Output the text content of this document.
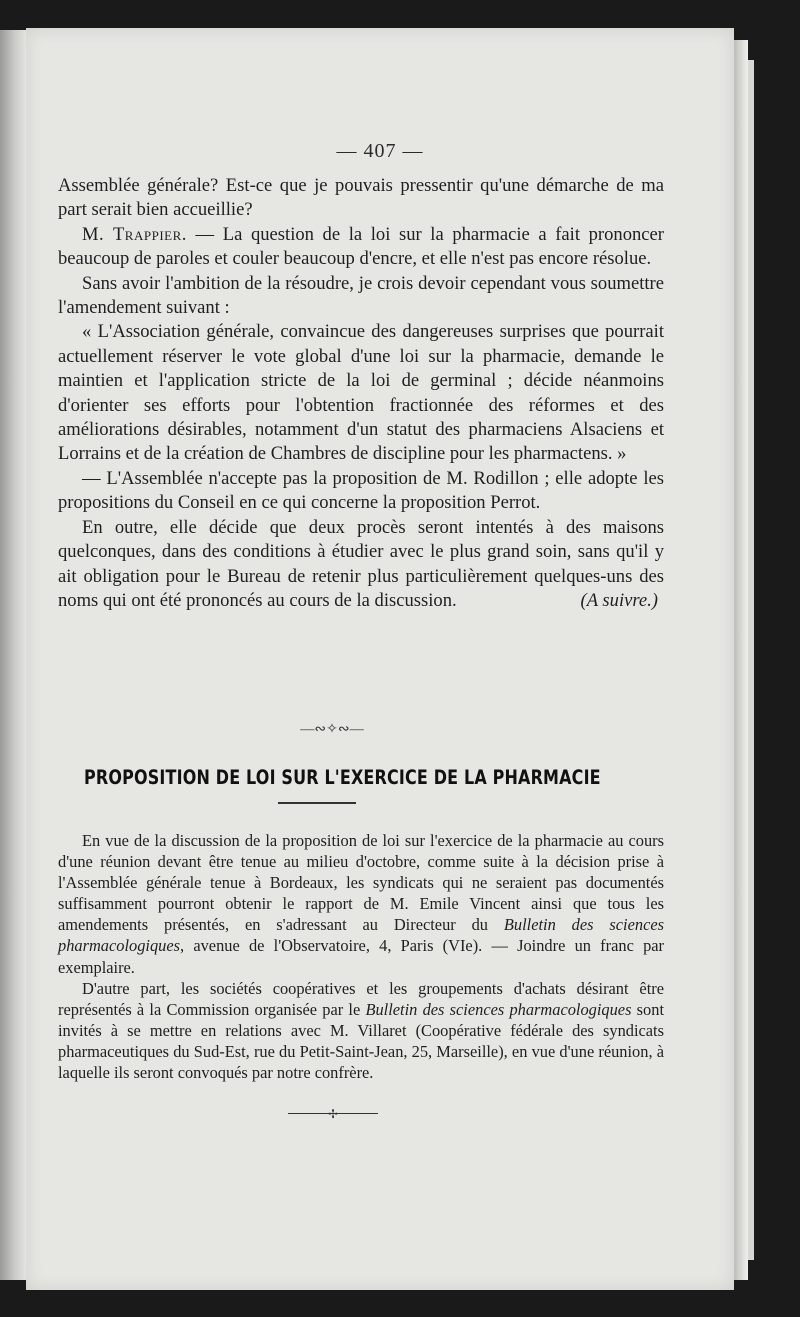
— 407 —

Assemblée générale? Est-ce que je pouvais pressentir qu'une démarche de ma part serait bien accueillie?

M. Trappier. — La question de la loi sur la pharmacie a fait prononcer beaucoup de paroles et couler beaucoup d'encre, et elle n'est pas encore résolue.

Sans avoir l'ambition de la résoudre, je crois devoir cependant vous soumettre l'amendement suivant :

« L'Association générale, convaincue des dangereuses surprises que pourrait actuellement réserver le vote global d'une loi sur la pharmacie, demande le maintien et l'application stricte de la loi de germinal ; décide néanmoins d'orienter ses efforts pour l'obtention fractionnée des réformes et des améliorations désirables, notamment d'un statut des pharmaciens Alsaciens et Lorrains et de la création de Chambres de discipline pour les pharmactens. »

— L'Assemblée n'accepte pas la proposition de M. Rodillon ; elle adopte les propositions du Conseil en ce qui concerne la proposition Perrot.

En outre, elle décide que deux procès seront intentés à des maisons quelconques, dans des conditions à étudier avec le plus grand soin, sans qu'il y ait obligation pour le Bureau de retenir plus particulièrement quelques-uns des noms qui ont été prononcés au cours de la discussion.	(A suivre.)

—∾✧∾—
PROPOSITION DE LOI SUR L'EXERCICE DE LA PHARMACIE

En vue de la discussion de la proposition de loi sur l'exercice de la pharmacie au cours d'une réunion devant être tenue au milieu d'octobre, comme suite à la décision prise à l'Assemblée générale tenue à Bordeaux, les syndicats qui ne seraient pas documentés suffisamment pourront obtenir le rapport de M. Emile Vincent ainsi que tous les amendements présentés, en s'adressant au Directeur du Bulletin des sciences pharmacologiques, avenue de l'Observatoire, 4, Paris (VIe). — Joindre un franc par exemplaire.

D'autre part, les sociétés coopératives et les groupements d'achats désirant être représentés à la Commission organisée par le Bulletin des sciences pharmacologiques sont invités à se mettre en relations avec M. Villaret (Coopérative fédérale des syndicats pharmaceutiques du Sud-Est, rue du Petit-Saint-Jean, 25, Marseille), en vue d'une réunion, à laquelle ils seront convoqués par notre confrère.

✢
